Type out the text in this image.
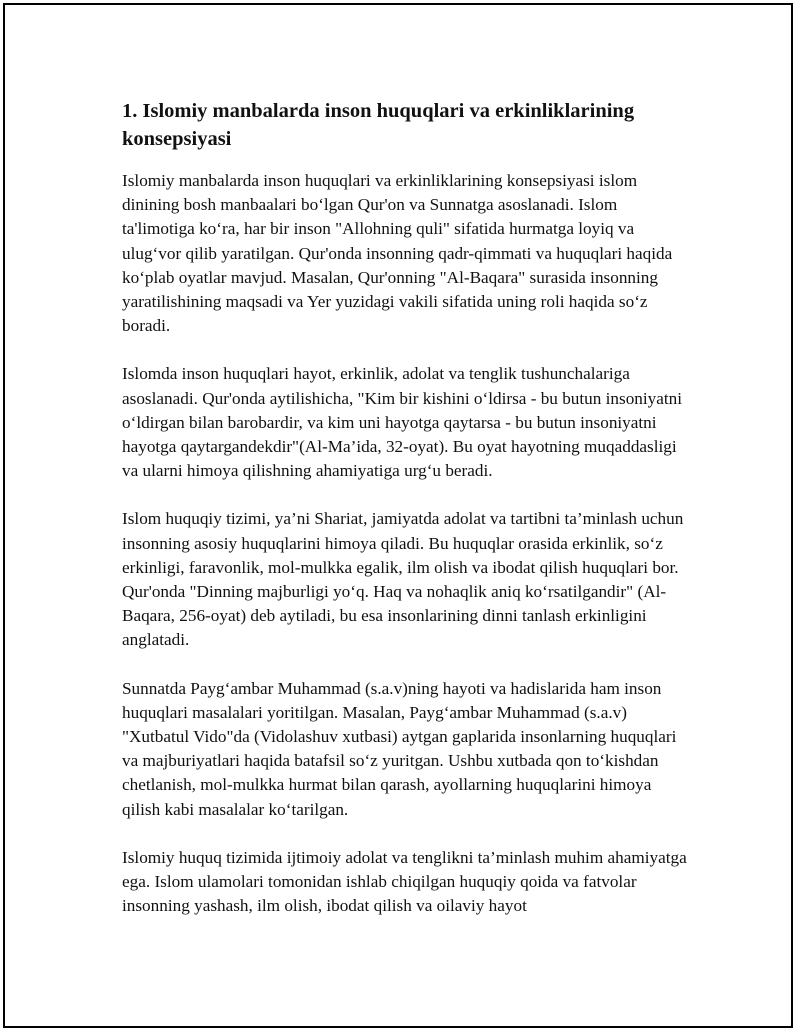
1. Islomiy manbalarda inson huquqlari va erkinliklarining konsepsiyasi

Islomiy manbalarda inson huquqlari va erkinliklarining konsepsiyasi islom dinining bosh manbaalari bo‘lgan Qur'on va Sunnatga asoslanadi. Islom ta'limotiga ko‘ra, har bir inson "Allohning quli" sifatida hurmatga loyiq va ulug‘vor qilib yaratilgan. Qur'onda insonning qadr-qimmati va huquqlari haqida ko‘plab oyatlar mavjud. Masalan, Qur'onning "Al-Baqara" surasida insonning yaratilishining maqsadi va Yer yuzidagi vakili sifatida uning roli haqida so‘z boradi.

Islomda inson huquqlari hayot, erkinlik, adolat va tenglik tushunchalariga asoslanadi. Qur'onda aytilishicha, "Kim bir kishini o‘ldirsa - bu butun insoniyatni o‘ldirgan bilan barobardir, va kim uni hayotga qaytarsa - bu butun insoniyatni hayotga qaytargandekdir"(Al-Ma’ida, 32-oyat). Bu oyat hayotning muqaddasligi va ularni himoya qilishning ahamiyatiga urg‘u beradi.

Islom huquqiy tizimi, ya’ni Shariat, jamiyatda adolat va tartibni ta’minlash uchun insonning asosiy huquqlarini himoya qiladi. Bu huquqlar orasida erkinlik, so‘z erkinligi, faravonlik, mol-mulkka egalik, ilm olish va ibodat qilish huquqlari bor. Qur'onda "Dinning majburligi yo‘q. Haq va nohaqlik aniq ko‘rsatilgandir" (Al-Baqara, 256-oyat) deb aytiladi, bu esa insonlarining dinni tanlash erkinligini anglatadi.

Sunnatda Payg‘ambar Muhammad (s.a.v)ning hayoti va hadislarida ham inson huquqlari masalalari yoritilgan. Masalan, Payg‘ambar Muhammad (s.a.v) "Xutbatul Vido"da (Vidolashuv xutbasi) aytgan gaplarida insonlarning huquqlari va majburiyatlari haqida batafsil so‘z yuritgan. Ushbu xutbada qon to‘kishdan chetlanish, mol-mulkka hurmat bilan qarash, ayollarning huquqlarini himoya qilish kabi masalalar ko‘tarilgan.

Islomiy huquq tizimida ijtimoiy adolat va tenglikni ta’minlash muhim ahamiyatga ega. Islom ulamolari tomonidan ishlab chiqilgan huquqiy qoida va fatvolar insonning yashash, ilm olish, ibodat qilish va oilaviy hayot
